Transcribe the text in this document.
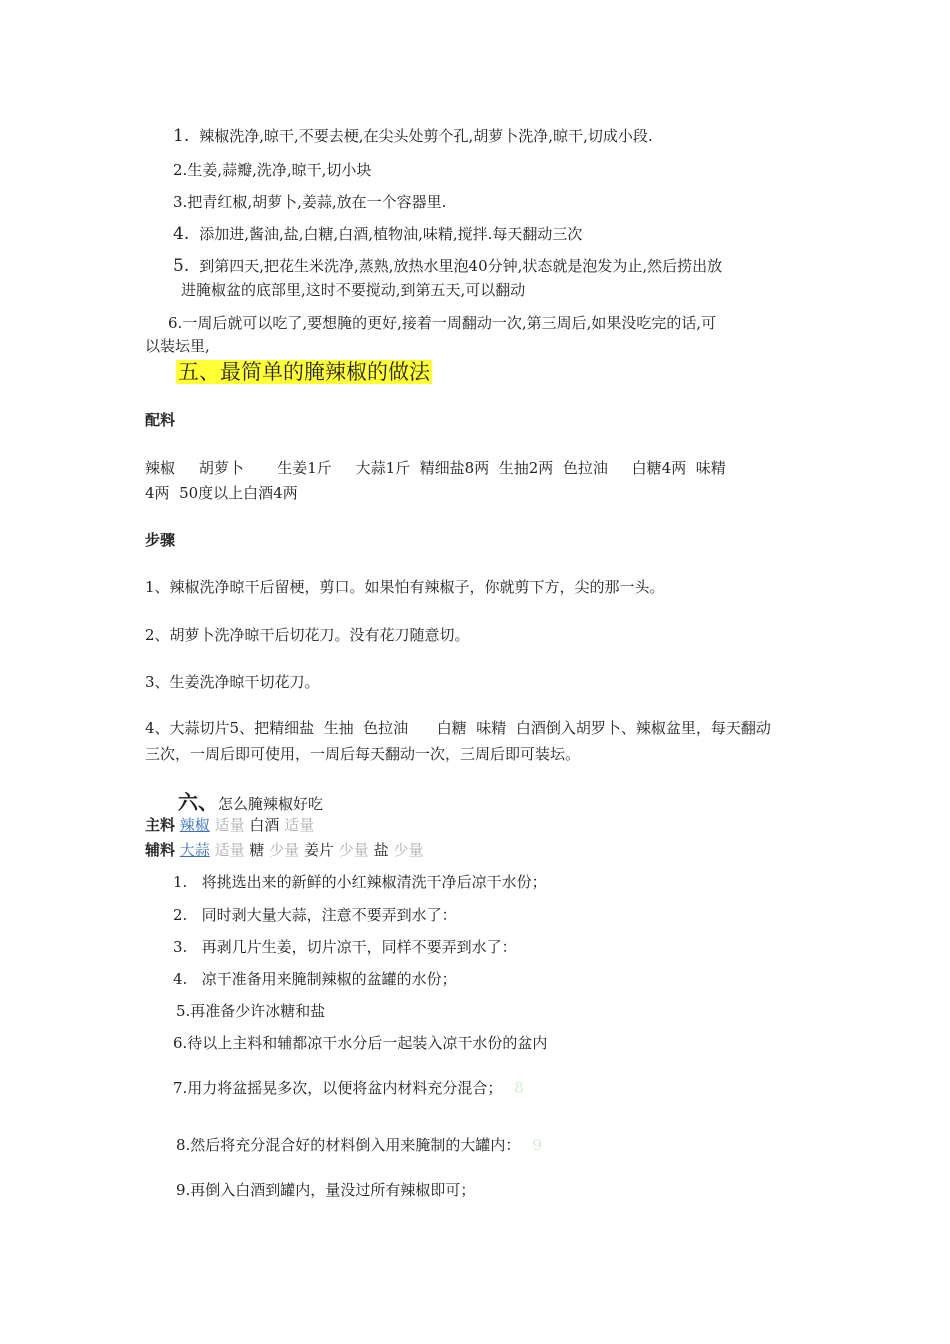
1. 辣椒洗净,晾干,不要去梗,在尖头处剪个孔,胡萝卜洗净,晾干,切成小段.
2.生姜,蒜瓣,洗净,晾干,切小块
3.把青红椒,胡萝卜,姜蒜,放在一个容器里.
4. 添加进,酱油,盐,白糖,白酒,植物油,味精,搅拌.每天翻动三次
5. 到第四天,把花生米洗净,蒸熟,放热水里泡40分钟,状态就是泡发为止,然后捞出放
进腌椒盆的底部里,这时不要搅动,到第五天,可以翻动
6.一周后就可以吃了,要想腌的更好,接着一周翻动一次,第三周后,如果没吃完的话,可
以装坛里,
五、最简单的腌辣椒的做法
配料
辣椒     胡萝卜       生姜1斤     大蒜1斤  精细盐8两  生抽2两  色拉油     白糖4两  味精
4两  50度以上白酒4两
步骤
1、辣椒洗净晾干后留梗，剪口。如果怕有辣椒子，你就剪下方，尖的那一头。
2、胡萝卜洗净晾干后切花刀。没有花刀随意切。
3、生姜洗净晾干切花刀。
4、大蒜切片5、把精细盐  生抽  色拉油      白糖  味精  白酒倒入胡罗卜、辣椒盆里，每天翻动
三次，一周后即可使用，一周后每天翻动一次，三周后即可装坛。
六、怎么腌辣椒好吃
主料 辣椒 适量 白酒 适量
辅料 大蒜 适量 糖 少量 姜片 少量 盐 少量
1.   将挑选出来的新鲜的小红辣椒清洗干净后凉干水份；
2.   同时剥大量大蒜，注意不要弄到水了：
3.   再剥几片生姜，切片凉干，同样不要弄到水了：
4.   凉干准备用来腌制辣椒的盆罐的水份；
5.再准备少许冰糖和盐
6.待以上主料和辅都凉干水分后一起装入凉干水份的盆内
7.用力将盆摇晃多次，以便将盆内材料充分混合； 8
8.然后将充分混合好的材料倒入用来腌制的大罐内： 9
9.再倒入白酒到罐内，量没过所有辣椒即可；
